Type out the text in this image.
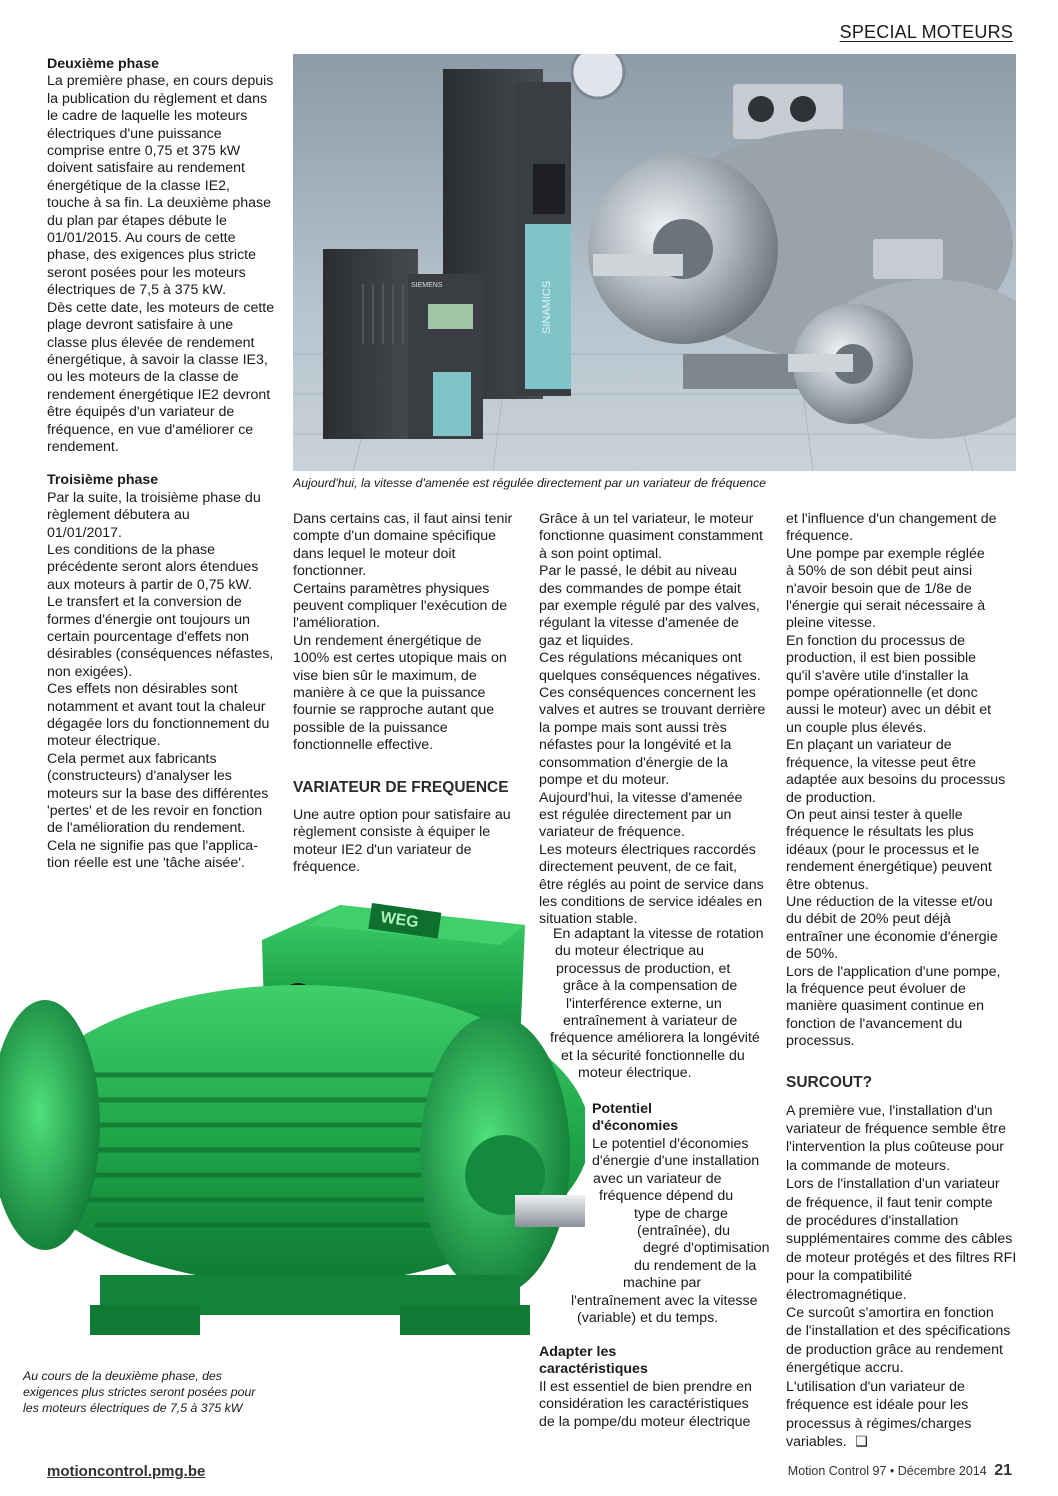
SPECIAL MOTEURS

Deuxième phase

La première phase, en cours depuis
la publication du règlement et dans
le cadre de laquelle les moteurs
électriques d'une puissance
comprise entre 0,75 et 375 kW
doivent satisfaire au rendement
énergétique de la classe IE2,
touche à sa fin. La deuxième phase
du plan par étapes débute le
01/01/2015. Au cours de cette
phase, des exigences plus stricte
seront posées pour les moteurs
électriques de 7,5 à 375 kW.
Dès cette date, les moteurs de cette
plage devront satisfaire à une
classe plus élevée de rendement
énergétique, à savoir la classe IE3,
ou les moteurs de la classe de
rendement énergétique IE2 devront
être équipés d'un variateur de
fréquence, en vue d'améliorer ce
rendement.

Troisième phase

Par la suite, la troisième phase du
règlement débutera au
01/01/2017.
Les conditions de la phase
précédente seront alors étendues
aux moteurs à partir de 0,75 kW.
Le transfert et la conversion de
formes d'énergie ont toujours un
certain pourcentage d'effets non
désirables (conséquences néfastes,
non exigées).
Ces effets non désirables sont
notamment et avant tout la chaleur
dégagée lors du fonctionnement du
moteur électrique.
Cela permet aux fabricants
(constructeurs) d'analyser les
moteurs sur la base des différentes
'pertes' et de les revoir en fonction
de l'amélioration du rendement.
Cela ne signifie pas que l'applica-
tion réelle est une 'tâche aisée'.

SINAMICS
SIEMENS
Aujourd'hui, la vitesse d'amenée est régulée directement par un variateur de fréquence

Dans certains cas, il faut ainsi tenir
compte d'un domaine spécifique
dans lequel le moteur doit
fonctionner.
Certains paramètres physiques
peuvent compliquer l'exécution de
l'amélioration.
Un rendement énergétique de
100% est certes utopique mais on
vise bien sûr le maximum, de
manière à ce que la puissance
fournie se rapproche autant que
possible de la puissance
fonctionnelle effective.

VARIATEUR DE FREQUENCE

Une autre option pour satisfaire au
règlement consiste à équiper le
moteur IE2 d'un variateur de
fréquence.

Grâce à un tel variateur, le moteur
fonctionne quasiment constamment
à son point optimal.
Par le passé, le débit au niveau
des commandes de pompe était
par exemple régulé par des valves,
régulant la vitesse d'amenée de
gaz et liquides.
Ces régulations mécaniques ont
quelques conséquences négatives.
Ces conséquences concernent les
valves et autres se trouvant derrière
la pompe mais sont aussi très
néfastes pour la longévité et la
consommation d'énergie de la
pompe et du moteur.
Aujourd'hui, la vitesse d'amenée
est régulée directement par un
variateur de fréquence.
Les moteurs électriques raccordés
directement peuvent, de ce fait,
être réglés au point de service dans
les conditions de service idéales en
situation stable.

En adaptant la vitesse de rotation
du moteur électrique au
processus de production, et
grâce à la compensation de
l'interférence externe, un
entraînement à variateur de
fréquence améliorera la longévité
et la sécurité fonctionnelle du
moteur électrique.

Potentiel
d'économies

Le potentiel d'économies
d'énergie d'une installation
avec un variateur de
fréquence dépend du
type de charge
(entraînée), du
degré d'optimisation
du rendement de la
machine par
l'entraînement avec la vitesse
(variable) et du temps.

Adapter les
caractéristiques

Il est essentiel de bien prendre en
considération les caractéristiques
de la pompe/du moteur électrique

et l'influence d'un changement de
fréquence.
Une pompe par exemple réglée
à 50% de son débit peut ainsi
n'avoir besoin que de 1/8e de
l'énergie qui serait nécessaire à
pleine vitesse.
En fonction du processus de
production, il est bien possible
qu'il s'avère utile d'installer la
pompe opérationnelle (et donc
aussi le moteur) avec un débit et
un couple plus élevés.
En plaçant un variateur de
fréquence, la vitesse peut être
adaptée aux besoins du processus
de production.
On peut ainsi tester à quelle
fréquence le résultats les plus
idéaux (pour le processus et le
rendement énergétique) peuvent
être obtenus.
Une réduction de la vitesse et/ou
du débit de 20% peut déjà
entraîner une économie d'énergie
de 50%.
Lors de l'application d'une pompe,
la fréquence peut évoluer de
manière quasiment continue en
fonction de l'avancement du
processus.

SURCOUT?

A première vue, l'installation d'un
variateur de fréquence semble être
l'intervention la plus coûteuse pour
la commande de moteurs.
Lors de l'installation d'un variateur
de fréquence, il faut tenir compte
de procédures d'installation
supplémentaires comme des câbles
de moteur protégés et des filtres RFI
pour la compatibilité
électromagnétique.
Ce surcoût s'amortira en fonction
de l'installation et des spécifications
de production grâce au rendement
énergétique accru.
L'utilisation d'un variateur de
fréquence est idéale pour les
processus à régimes/charges
variables. ❑
WEG
Au cours de la deuxième phase, des
exigences plus strictes seront posées pour
les moteurs électriques de 7,5 à 375 kW
motioncontrol.pmg.be	Motion Control 97 • Décembre 2014 21
